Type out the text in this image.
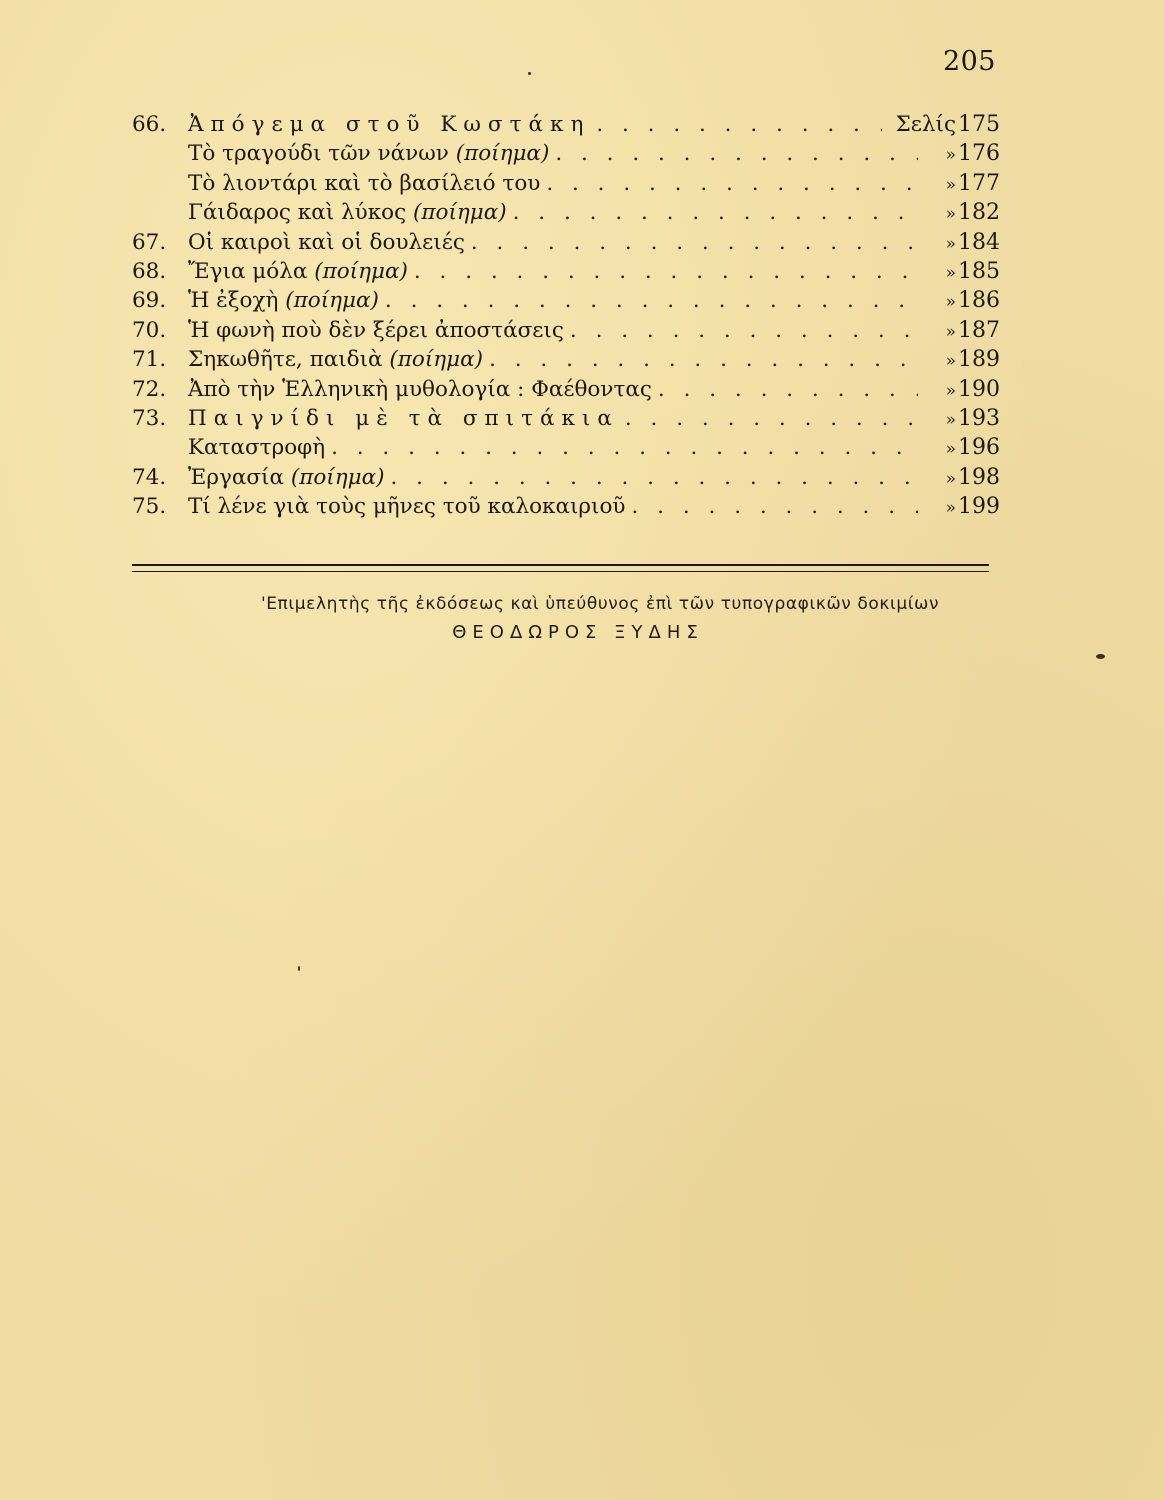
205
66.	Ἀπόγεμα στοῦ Κωστάκη . . .	Σελίς 175
Τὸ τραγούδι τῶν νάνων (ποίημα) . . .	» 176
Τὸ λιοντάρι καὶ τὸ βασίλειό του . . .	» 177
Γάιδαρος καὶ λύκος (ποίημα) . . .	» 182
67.	Οἱ καιροὶ καὶ οἱ δουλειές . . .	» 184
68.	Ἔγια μόλα (ποίημα) . . .	» 185
69.	Ἡ ἐξοχὴ (ποίημα) . . .	» 186
70.	Ἡ φωνὴ ποὺ δὲν ξέρει ἀποστάσεις . . .	» 187
71.	Σηκωθῆτε, παιδιὰ (ποίημα) . . .	» 189
72.	Ἀπὸ τὴν Ἑλληνικὴ μυθολογία : Φαέθοντας . . .	» 190
73.	Παιγνίδι μὲ τὰ σπιτάκια . . .	» 193
Καταστροφὴ . . .	» 196
74.	Ἐργασία (ποίημα) . . .	» 198
75.	Τί λένε γιὰ τοὺς μῆνες τοῦ καλοκαιριοῦ . . .	» 199
'Επιμελητὴς τῆς ἐκδόσεως καὶ ὑπεύθυνος ἐπὶ τῶν τυπογραφικῶν δοκιμίων
ΘΕΟΔΩΡΟΣ ΞΥΔΗΣ
